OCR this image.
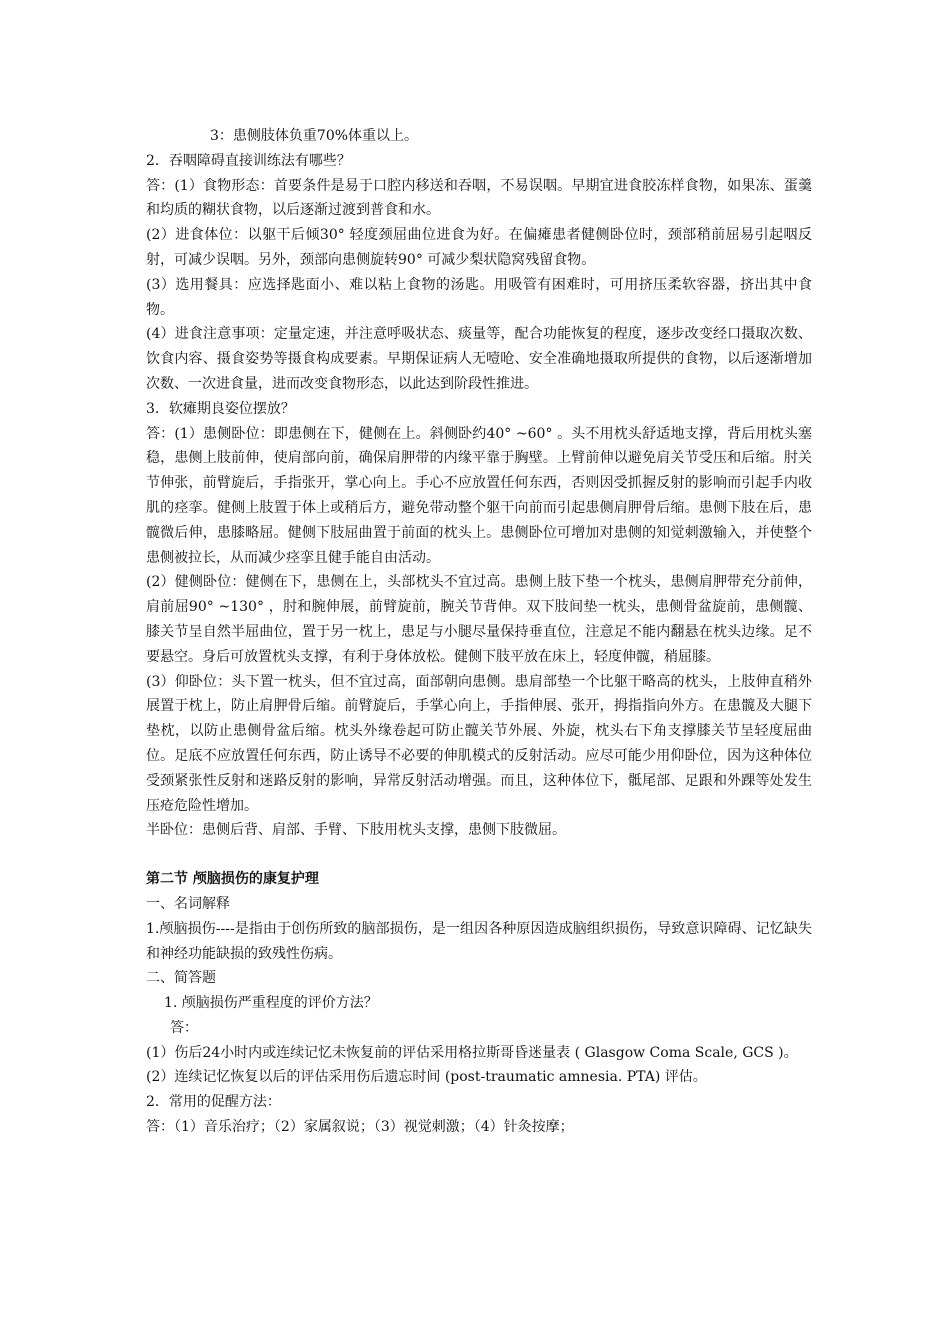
3：患侧肢体负重70%体重以上。

2．吞咽障碍直接训练法有哪些？

答：(1）食物形态：首要条件是易于口腔内移送和吞咽，不易误咽。早期宜进食胶冻样食物，如果冻、蛋羹和均质的糊状食物，以后逐渐过渡到普食和水。

(2）进食体位：以躯干后倾30° 轻度颈屈曲位进食为好。在偏瘫患者健侧卧位时，颈部稍前屈易引起咽反射，可减少误咽。另外，颈部向患侧旋转90° 可减少梨状隐窝残留食物。

(3）选用餐具：应选择匙面小、难以粘上食物的汤匙。用吸管有困难时，可用挤压柔软容器，挤出其中食物。

(4）进食注意事项：定量定速，并注意呼吸状态、痰量等，配合功能恢复的程度，逐步改变经口摄取次数、饮食内容、摄食姿势等摄食构成要素。早期保证病人无噎呛、安全准确地摄取所提供的食物，以后逐渐增加次数、一次进食量，进而改变食物形态，以此达到阶段性推进。

3．软瘫期良姿位摆放？

答：(1）患侧卧位：即患侧在下，健侧在上。斜侧卧约40° ~60° 。头不用枕头舒适地支撑，背后用枕头塞稳，患侧上肢前伸，使肩部向前，确保肩胛带的内缘平靠于胸壁。上臂前伸以避免肩关节受压和后缩。肘关节伸张，前臂旋后，手指张开，掌心向上。手心不应放置任何东西，否则因受抓握反射的影响而引起手内收肌的痉挛。健侧上肢置于体上或稍后方，避免带动整个躯干向前而引起患侧肩胛骨后缩。患侧下肢在后，患髋微后伸，患膝略屈。健侧下肢屈曲置于前面的枕头上。患侧卧位可增加对患侧的知觉刺激输入，并使整个患侧被拉长，从而减少痉挛且健手能自由活动。

(2）健侧卧位：健侧在下，患侧在上，头部枕头不宜过高。患侧上肢下垫一个枕头，患侧肩胛带充分前伸，肩前屈90° ~130° ，肘和腕伸展，前臂旋前，腕关节背伸。双下肢间垫一枕头，患侧骨盆旋前，患侧髋、膝关节呈自然半屈曲位，置于另一枕上，患足与小腿尽量保持垂直位，注意足不能内翻悬在枕头边缘。足不要悬空。身后可放置枕头支撑，有利于身体放松。健侧下肢平放在床上，轻度伸髋，稍屈膝。

(3）仰卧位：头下置一枕头，但不宜过高，面部朝向患侧。患肩部垫一个比躯干略高的枕头，上肢伸直稍外展置于枕上，防止肩胛骨后缩。前臂旋后，手掌心向上，手指伸展、张开，拇指指向外方。在患髋及大腿下垫枕，以防止患侧骨盆后缩。枕头外缘卷起可防止髋关节外展、外旋，枕头右下角支撑膝关节呈轻度屈曲位。足底不应放置任何东西，防止诱导不必要的伸肌模式的反射活动。应尽可能少用仰卧位，因为这种体位受颈紧张性反射和迷路反射的影响，异常反射活动增强。而且，这种体位下，骶尾部、足跟和外踝等处发生压疮危险性增加。

半卧位：患侧后背、肩部、手臂、下肢用枕头支撑，患侧下肢微屈。

第二节 颅脑损伤的康复护理

一、名词解释

1.颅脑损伤----是指由于创伤所致的脑部损伤，是一组因各种原因造成脑组织损伤，导致意识障碍、记忆缺失和神经功能缺损的致残性伤病。

二、简答题

1. 颅脑损伤严重程度的评价方法？

答：

(1）伤后24小时内或连续记忆未恢复前的评估采用格拉斯哥昏迷量表 ( Glasgow Coma Scale, GCS )。

(2）连续记忆恢复以后的评估采用伤后遗忘时间 (post-traumatic amnesia. PTA) 评估。

2．常用的促醒方法：

答：（1）音乐治疗；（2）家属叙说；（3）视觉刺激；（4）针灸按摩；
